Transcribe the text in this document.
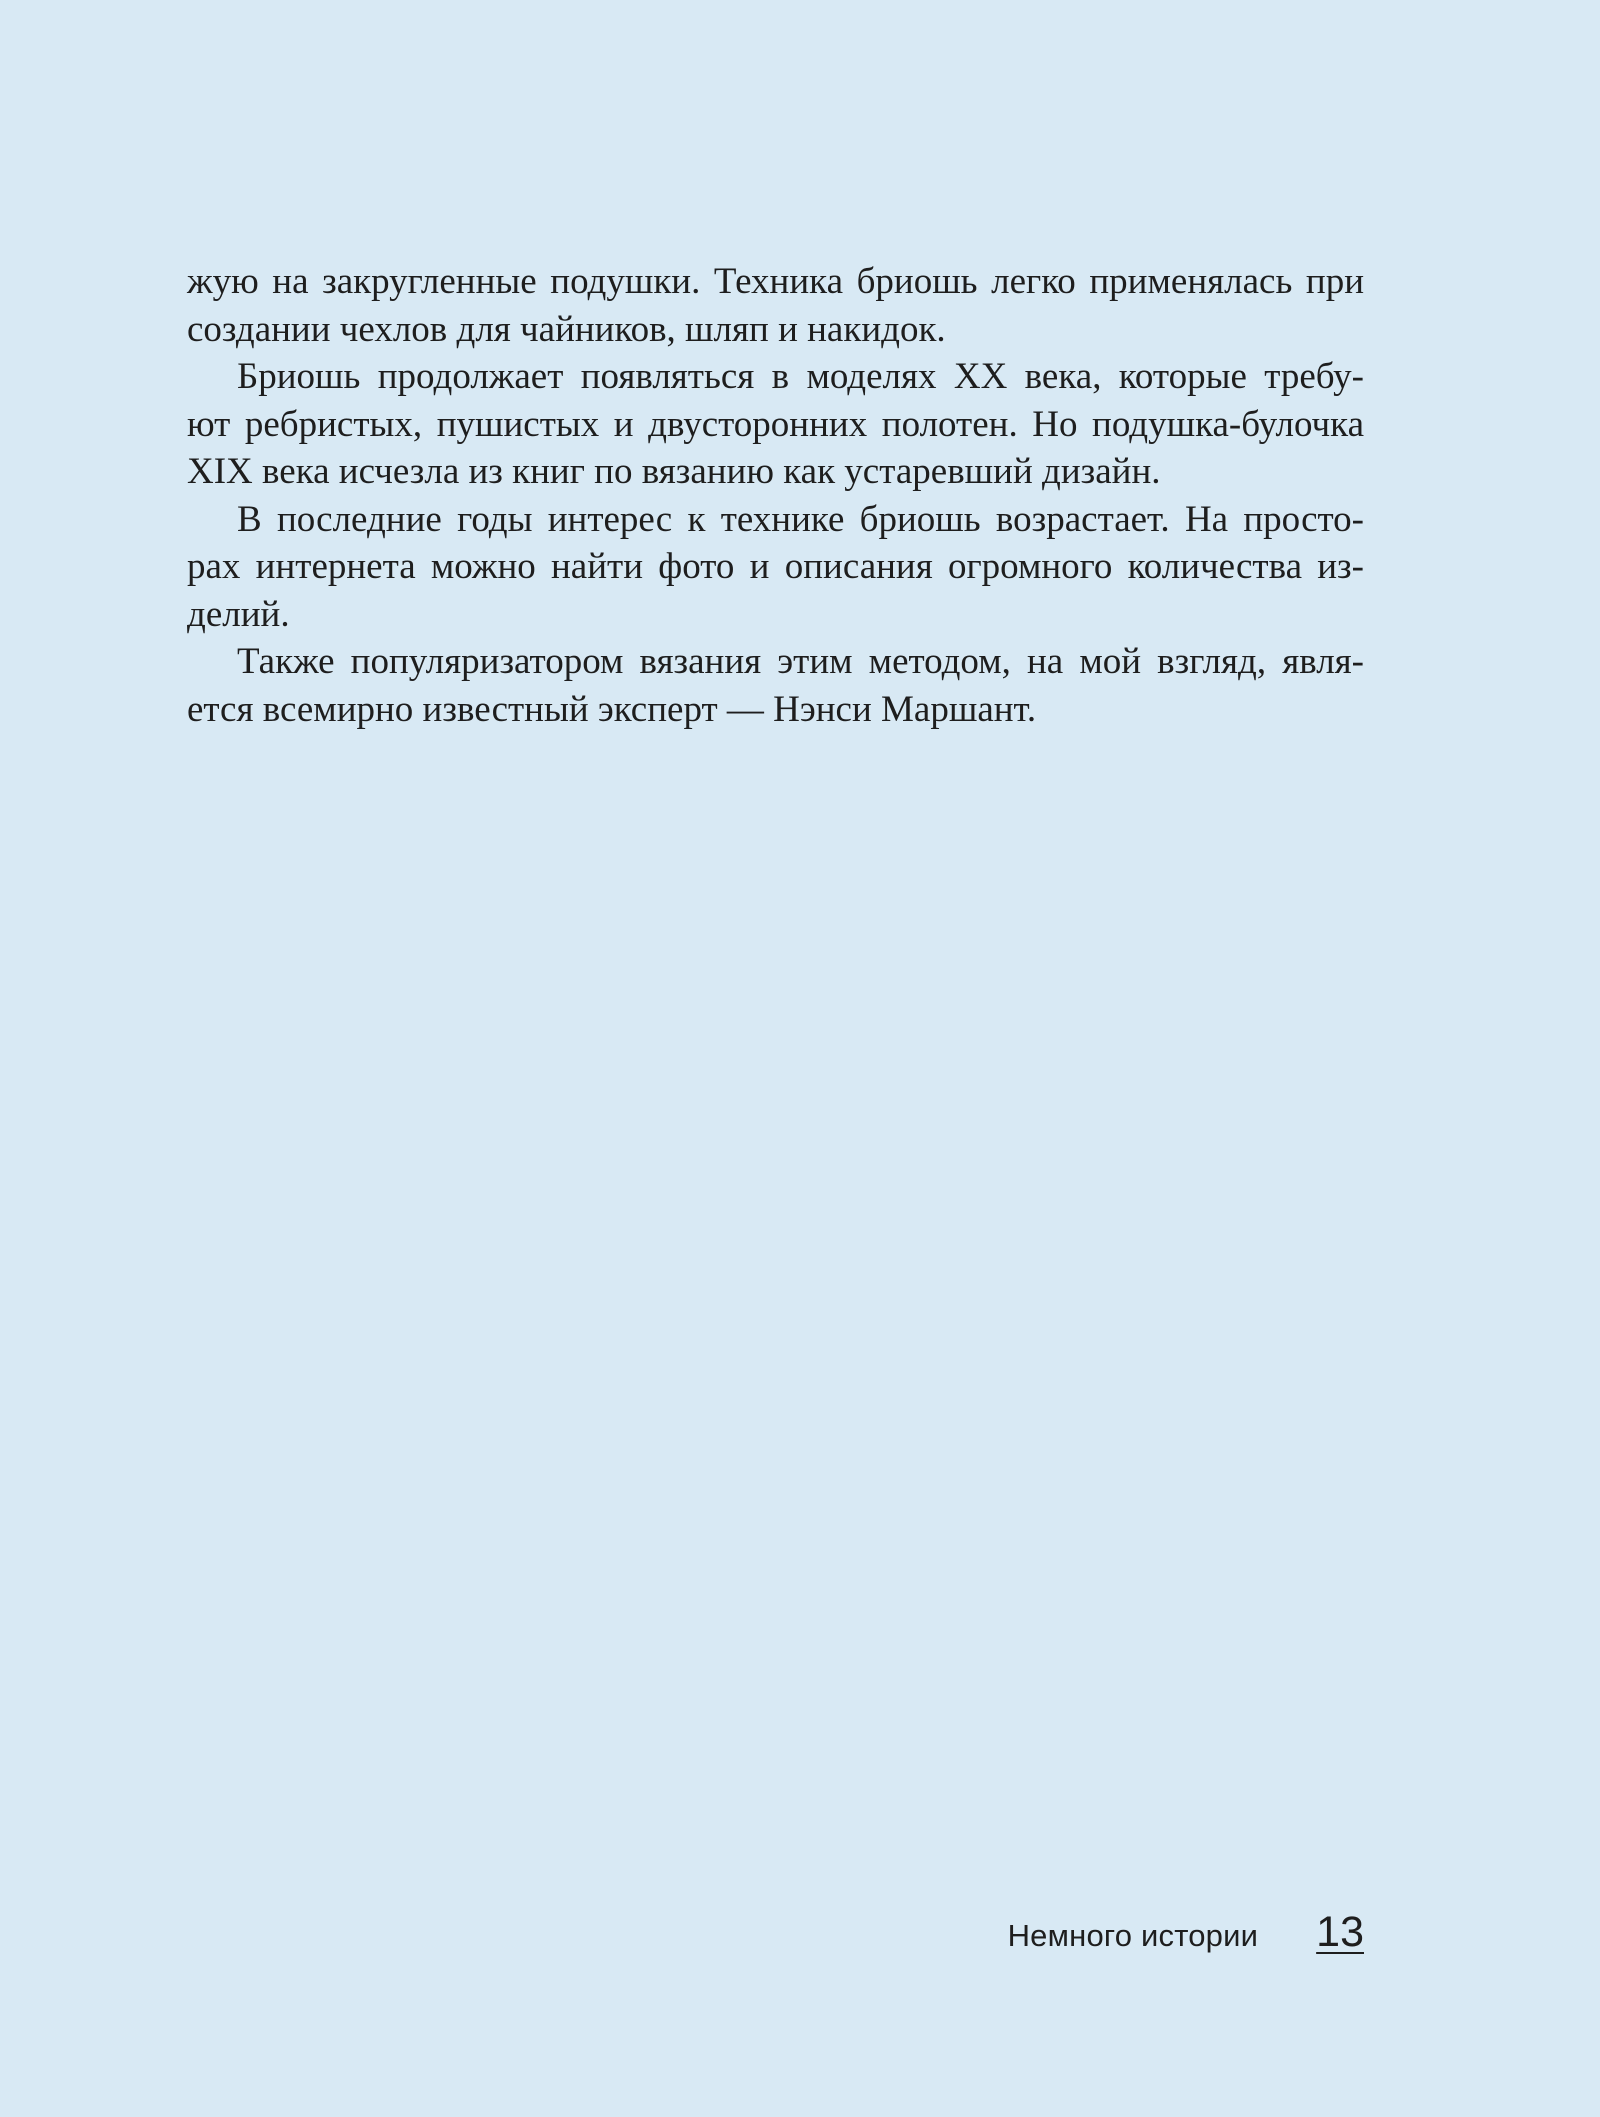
жую на закругленные подушки. Техника бриошь легко применялась при
создании чехлов для чайников, шляп и накидок.
Бриошь продолжает появляться в моделях XX века, которые требу-
ют ребристых, пушистых и двусторонних полотен. Но подушка-булочка
XIX века исчезла из книг по вязанию как устаревший дизайн.
В последние годы интерес к технике бриошь возрастает. На просто-
рах интернета можно найти фото и описания огромного количества из-
делий.
Также популяризатором вязания этим методом, на мой взгляд, явля-
ется всемирно известный эксперт — Нэнси Маршант.
Немного истории 13
